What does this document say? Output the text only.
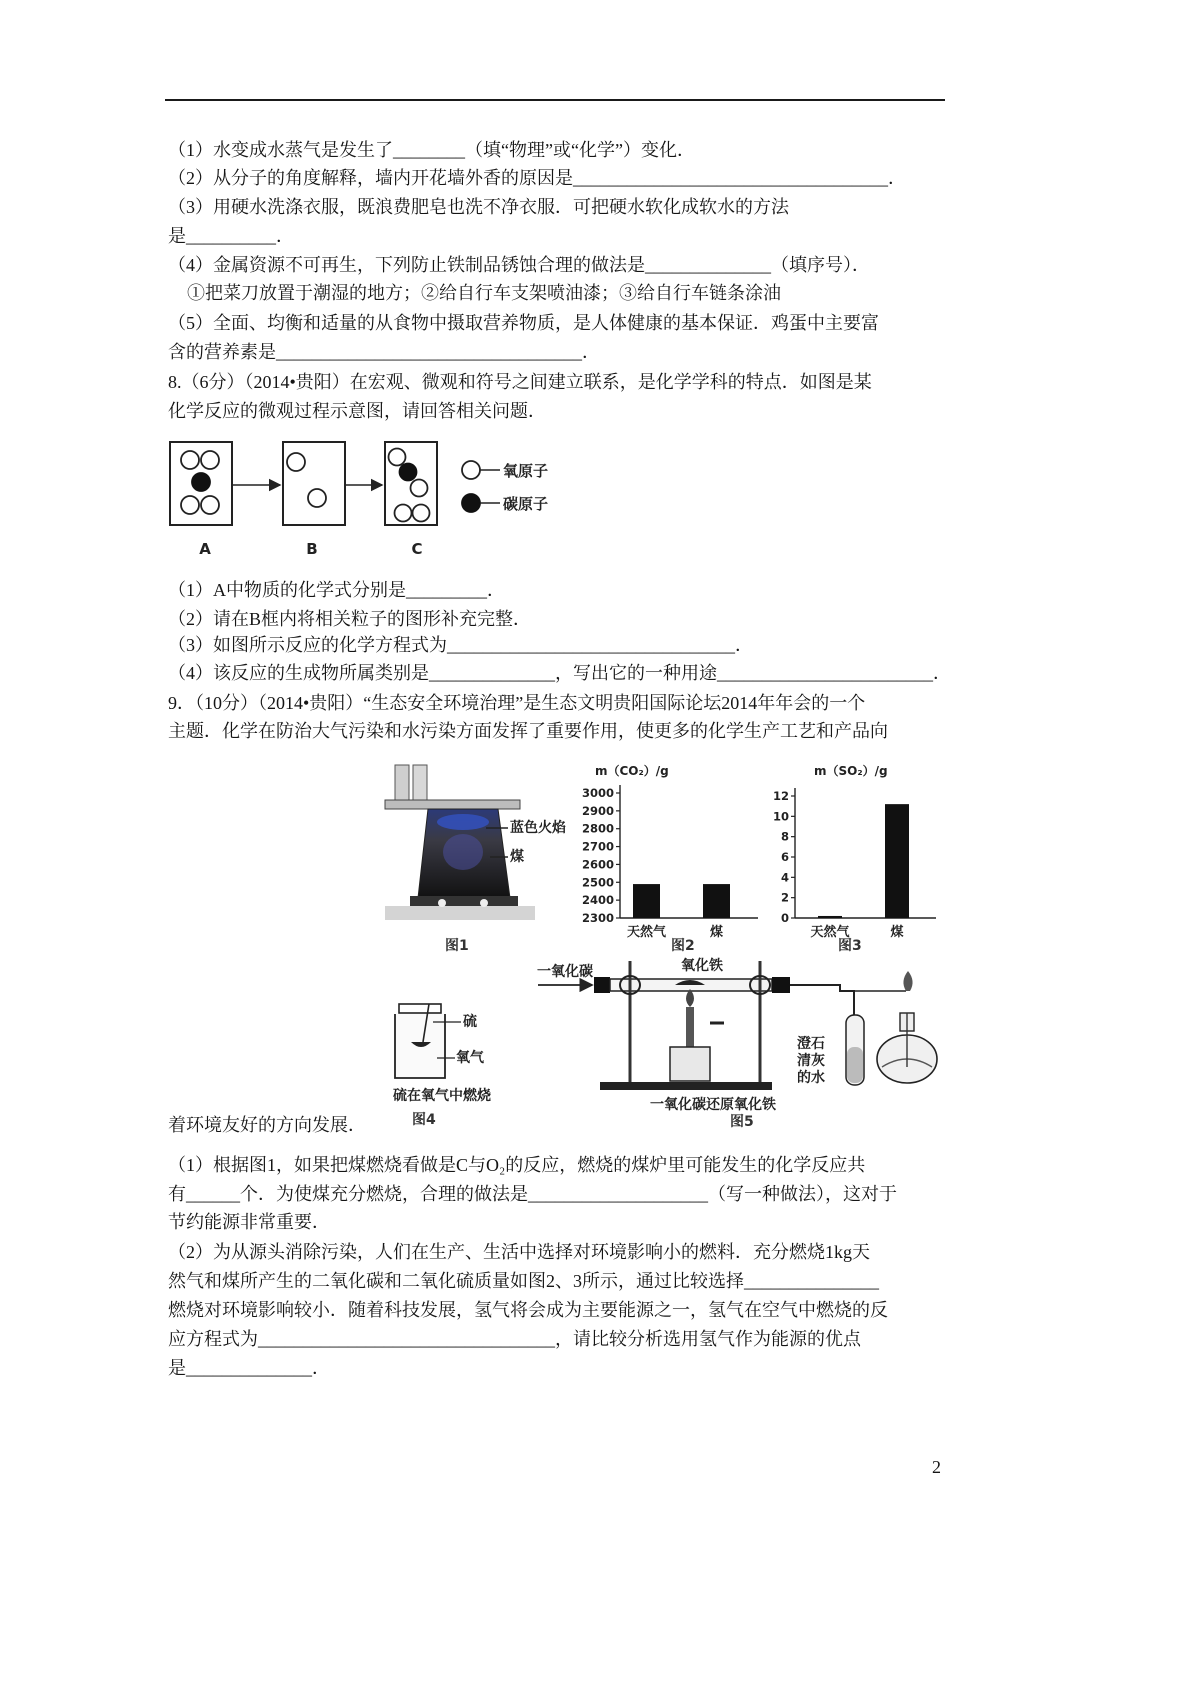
（1）水变成水蒸气是发生了________（填“物理”或“化学”）变化．
（2）从分子的角度解释，墙内开花墙外香的原因是___________________________________．
（3）用硬水洗涤衣服，既浪费肥皂也洗不净衣服．可把硬水软化成软水的方法
是__________．
（4）金属资源不可再生，下列防止铁制品锈蚀合理的做法是______________（填序号）．
①把菜刀放置于潮湿的地方；②给自行车支架喷油漆；③给自行车链条涂油
（5）全面、均衡和适量的从食物中摄取营养物质，是人体健康的基本保证．鸡蛋中主要富
含的营养素是__________________________________．
8.（6分）（2014•贵阳）在宏观、微观和符号之间建立联系，是化学学科的特点．如图是某
化学反应的微观过程示意图，请回答相关问题．
氧原子
碳原子
A	B	C
（1）A中物质的化学式分别是_________．
（2）请在B框内将相关粒子的图形补充完整．
（3）如图所示反应的化学方程式为________________________________．
（4）该反应的生成物所属类别是______________，写出它的一种用途________________________．
9．（10分）（2014•贵阳）“生态安全环境治理”是生态文明贵阳国际论坛2014年年会的一个
主题．化学在防治大气污染和水污染方面发挥了重要作用，使更多的化学生产工艺和产品向
蓝色火焰
煤
图1
m（CO₂）/g
2300
2400
2500
2600
2700
2800
2900
3000
天然气	煤
图2
m（SO₂）/g
0
2
4
6
8
10
12
天然气	煤
图3
硫
氧气
硫在氧气中燃烧
图4
一氧化碳	氧化铁
澄石
清灰
的水
一氧化碳还原氧化铁
图5
着环境友好的方向发展．
（1）根据图1，如果把煤燃烧看做是C与O₂的反应，燃烧的煤炉里可能发生的化学反应共
有______个．为使煤充分燃烧，合理的做法是____________________（写一种做法），这对于
节约能源非常重要．
（2）为从源头消除污染，人们在生产、生活中选择对环境影响小的燃料．充分燃烧1kg天
然气和煤所产生的二氧化碳和二氧化硫质量如图2、3所示，通过比较选择_______________
燃烧对环境影响较小．随着科技发展，氢气将会成为主要能源之一，氢气在空气中燃烧的反
应方程式为_________________________________，请比较分析选用氢气作为能源的优点
是______________．
2
